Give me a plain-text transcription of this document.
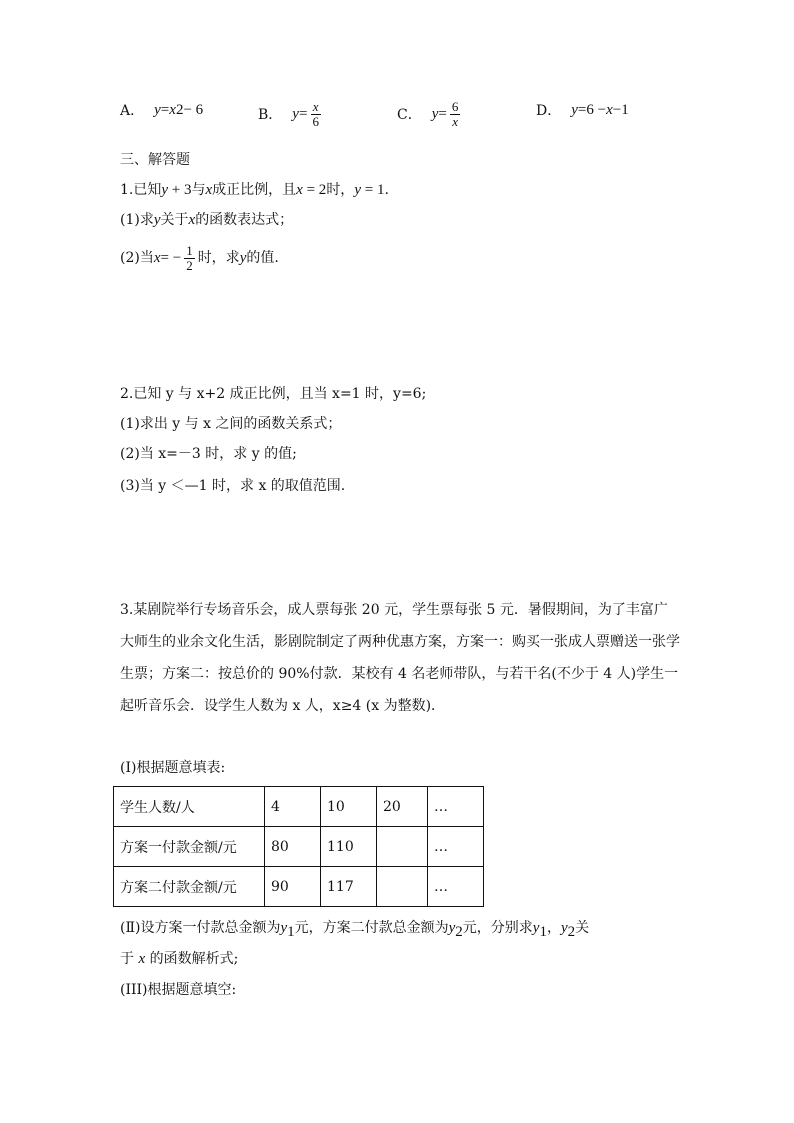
A． y = x 2 − 6	B． $y = \frac{x}{6}$	C． $y = \frac{6}{x}$	D． y = 6 − x −1
三、解答题
1.已知y + 3与x成正比例，且x = 2时，y = 1.
(1)求y关于x的函数表达式；
(2)当 x = − $\frac{1}{2}$ 时，求 y 的值.
2.已知 y 与 x+2 成正比例，且当 x=1 时，y=6;
(1)求出 y 与 x 之间的函数关系式；
(2)当 x=－3 时，求 y 的值;
(3)当 y ＜—1 时，求 x 的取值范围.
3.某剧院举行专场音乐会，成人票每张 20 元，学生票每张 5 元．暑假期间，为了丰富广大师生的业余文化生活，影剧院制定了两种优惠方案，方案一：购买一张成人票赠送一张学生票；方案二：按总价的 90%付款．某校有 4 名老师带队，与若干名(不少于 4 人)学生一起听音乐会．设学生人数为 x 人，x≥4 (x 为整数)．
(Ⅰ)根据题意填表:
学生人数/人	4	10	20	…
方案一付款金额/元	80	110		…
方案二付款金额/元	90	117		…
(Ⅱ)设方案一付款总金额为$y_1$元，方案二付款总金额为$y_2$元，分别求$y_1$，$y_2$关
于 x 的函数解析式;
(III)根据题意填空:
